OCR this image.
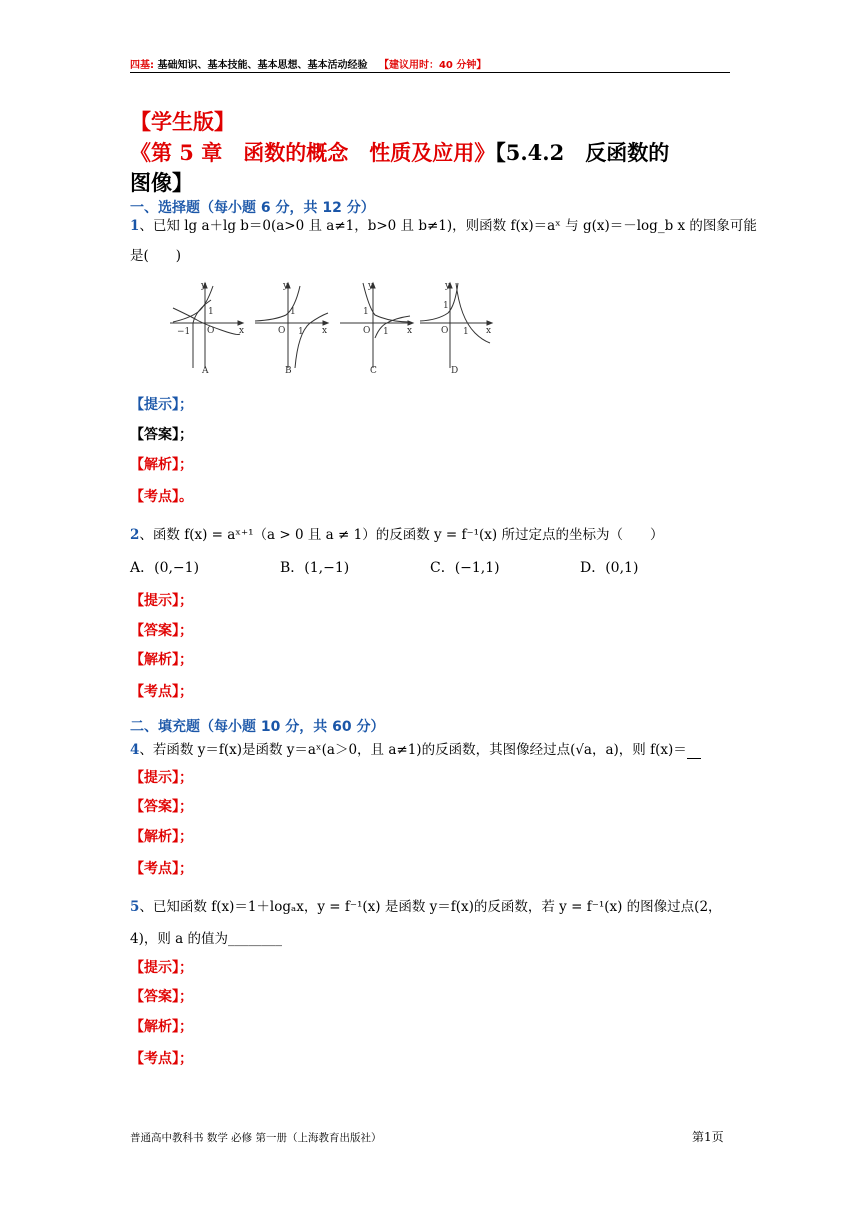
四基: 基础知识、基本技能、基本思想、基本活动经验 【建议用时：40 分钟】
【学生版】
《第 5 章　函数的概念　性质及应用》【5.4.2　反函数的
图像】
一、选择题（每小题 6 分，共 12 分）
1、已知 lg a＋lg b＝0(a>0 且 a≠1，b>0 且 b≠1)，则函数 f(x)＝aˣ 与 g(x)＝－log_b x 的图象可能
是(　　)
y
x
O
1
−1
A
y
x
O
1
1
B
y
x
O
1
1
C
y
x
O
1
1
D
【提示】；
【答案】；
【解析】；
【考点】。
2、函数 f(x) = aˣ⁺¹（a > 0 且 a ≠ 1）的反函数 y = f⁻¹(x) 所过定点的坐标为（　　）
A．(0,−1)	B．(1,−1)	C．(−1,1)	D．(0,1)
【提示】；
【答案】；
【解析】；
【考点】；
二、填充题（每小题 10 分，共 60 分）
4、若函数 y＝f(x)是函数 y＝aˣ(a＞0，且 a≠1)的反函数，其图像经过点(√a，a)，则 f(x)＝
【提示】；
【答案】；
【解析】；
【考点】；
5、已知函数 f(x)＝1＋logₐx，y = f⁻¹(x) 是函数 y＝f(x)的反函数，若 y = f⁻¹(x) 的图像过点(2，
4)，则 a 的值为________
【提示】；
【答案】；
【解析】；
【考点】；
普通高中教科书 数学 必修 第一册（上海教育出版社）	第1页
